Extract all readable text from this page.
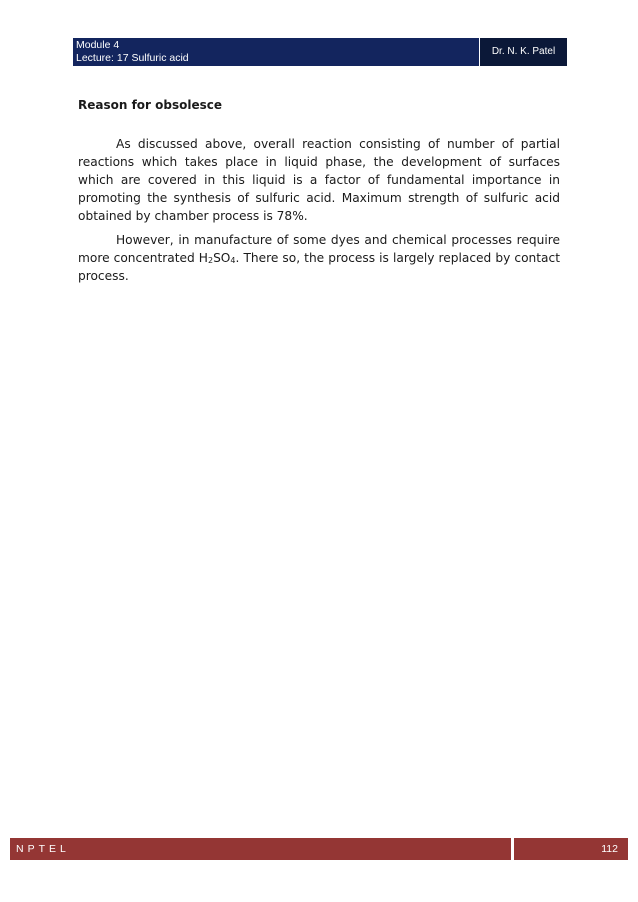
Module 4
Lecture: 17 Sulfuric acid
Dr. N. K. Patel
Reason for obsolesce

As discussed above, overall reaction consisting of number of partial reactions which takes place in liquid phase, the development of surfaces which are covered in this liquid is a factor of fundamental importance in promoting the synthesis of sulfuric acid. Maximum strength of sulfuric acid obtained by chamber process is 78%.

However, in manufacture of some dyes and chemical processes require more concentrated $H_2SO_4$. There so, the process is largely replaced by contact process.

NPTEL	112
